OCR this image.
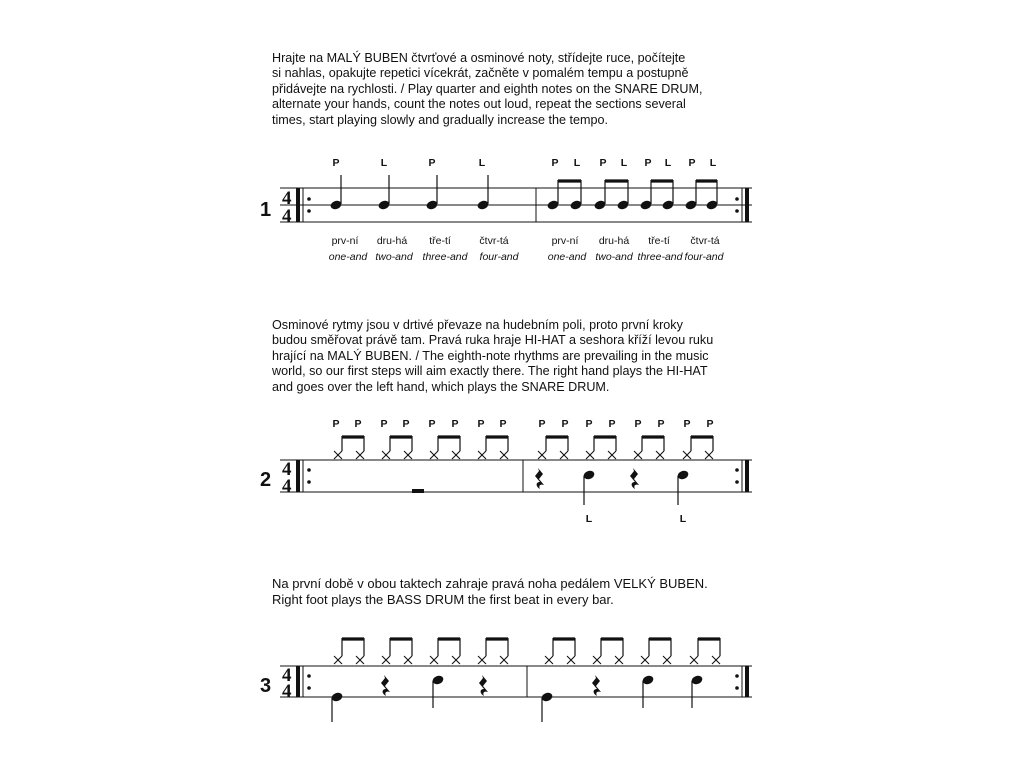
Hrajte na MALÝ BUBEN čtvrťové a osminové noty, střídejte ruce, počítejte

si nahlas, opakujte repetici vícekrát, začněte v pomalém tempu a postupně

přidávejte na rychlosti. / Play quarter and eighth notes on the SNARE DRUM,

alternate your hands, count the notes out loud, repeat the sections several

times, start playing slowly and gradually increase the tempo.

1
P	L	P	L	P L P L P L P L
prv-ní dru-há tře-tí	čtvr-tá	prv-ní dru-há tře-tí čtvr-tá
one-and two-and three-and four-and	one-and two-and three-and four-and

Osminové rytmy jsou v drtivé převaze na hudebním poli, proto první kroky

budou směřovat právě tam. Pravá ruka hraje HI-HAT a seshora kříží levou ruku

hrající na MALÝ BUBEN. / The eighth-note rhythms are prevailing in the music

world, so our first steps will aim exactly there. The right hand plays the HI-HAT

and goes over the left hand, which plays the SNARE DRUM.

2
P P P P P P P P	P P P P P P P P
L	L

Na první době v obou taktech zahraje pravá noha pedálem VELKÝ BUBEN.

Right foot plays the BASS DRUM the first beat in every bar.

3
4
4
4
4
4
4
